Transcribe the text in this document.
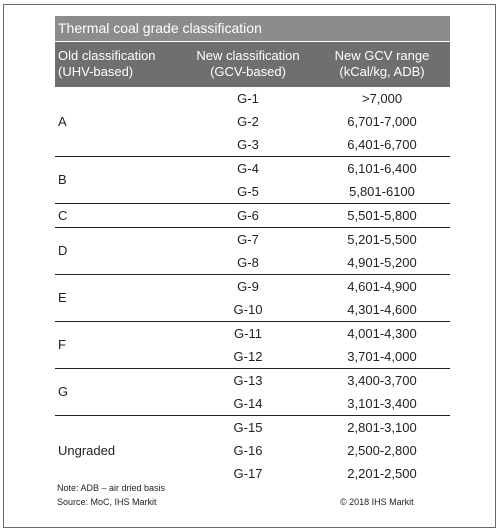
Thermal coal grade classification
Old classification
(UHV-based)
New classification
(GCV-based)
New GCV range
(kCal/kg, ADB)
A
G-1	>7,000
G-2	6,701-7,000
G-3	6,401-6,700
B
G-4	6,101-6,400
G-5	5,801-6100
C	G-6	5,501-5,800
D
G-7	5,201-5,500
G-8	4,901-5,200
E
G-9	4,601-4,900
G-10	4,301-4,600
F
G-11	4,001-4,300
G-12	3,701-4,000
G
G-13	3,400-3,700
G-14	3,101-3,400
Ungraded
G-15	2,801-3,100
G-16	2,500-2,800
G-17	2,201-2,500
Note: ADB – air dried basis
Source: MoC, IHS Markit	© 2018 IHS Markit
